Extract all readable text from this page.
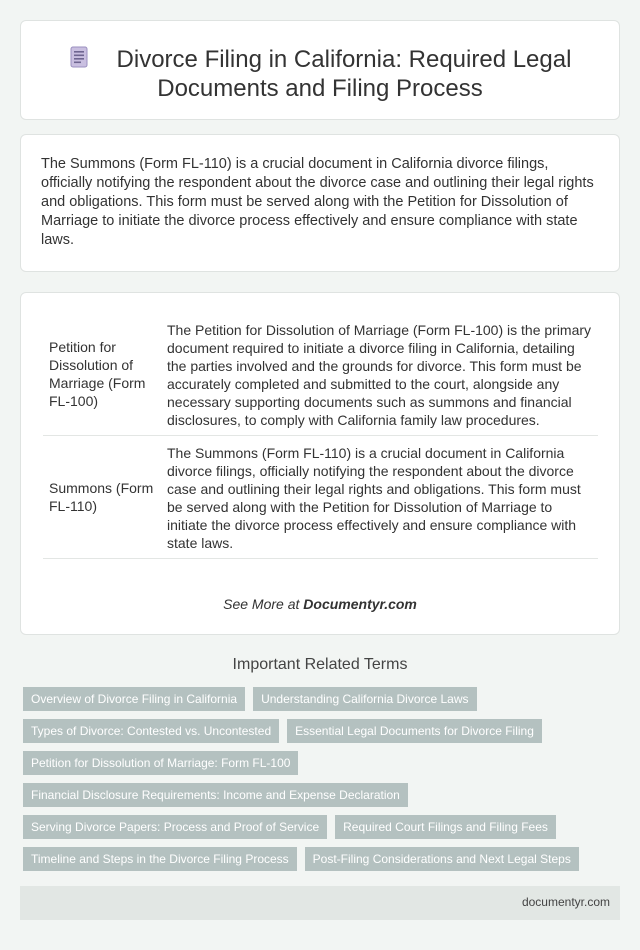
Divorce Filing in California: Required Legal Documents and Filing Process

The Summons (Form FL-110) is a crucial document in California divorce filings, officially notifying the respondent about the divorce case and outlining their legal rights and obligations. This form must be served along with the Petition for Dissolution of Marriage to initiate the divorce process effectively and ensure compliance with state laws.

Petition for Dissolution of Marriage (Form FL-100)	The Petition for Dissolution of Marriage (Form FL-100) is the primary document required to initiate a divorce filing in California, detailing the parties involved and the grounds for divorce. This form must be accurately completed and submitted to the court, alongside any necessary supporting documents such as summons and financial disclosures, to comply with California family law procedures.
Summons (Form FL-110)	The Summons (Form FL-110) is a crucial document in California divorce filings, officially notifying the respondent about the divorce case and outlining their legal rights and obligations. This form must be served along with the Petition for Dissolution of Marriage to initiate the divorce process effectively and ensure compliance with state laws.
See More at Documentyr.com
Important Related Terms
Overview of Divorce Filing in California	Understanding California Divorce Laws
Types of Divorce: Contested vs. Uncontested	Essential Legal Documents for Divorce Filing
Petition for Dissolution of Marriage: Form FL-100
Financial Disclosure Requirements: Income and Expense Declaration
Serving Divorce Papers: Process and Proof of Service	Required Court Filings and Filing Fees
Timeline and Steps in the Divorce Filing Process	Post-Filing Considerations and Next Legal Steps
documentyr.com
